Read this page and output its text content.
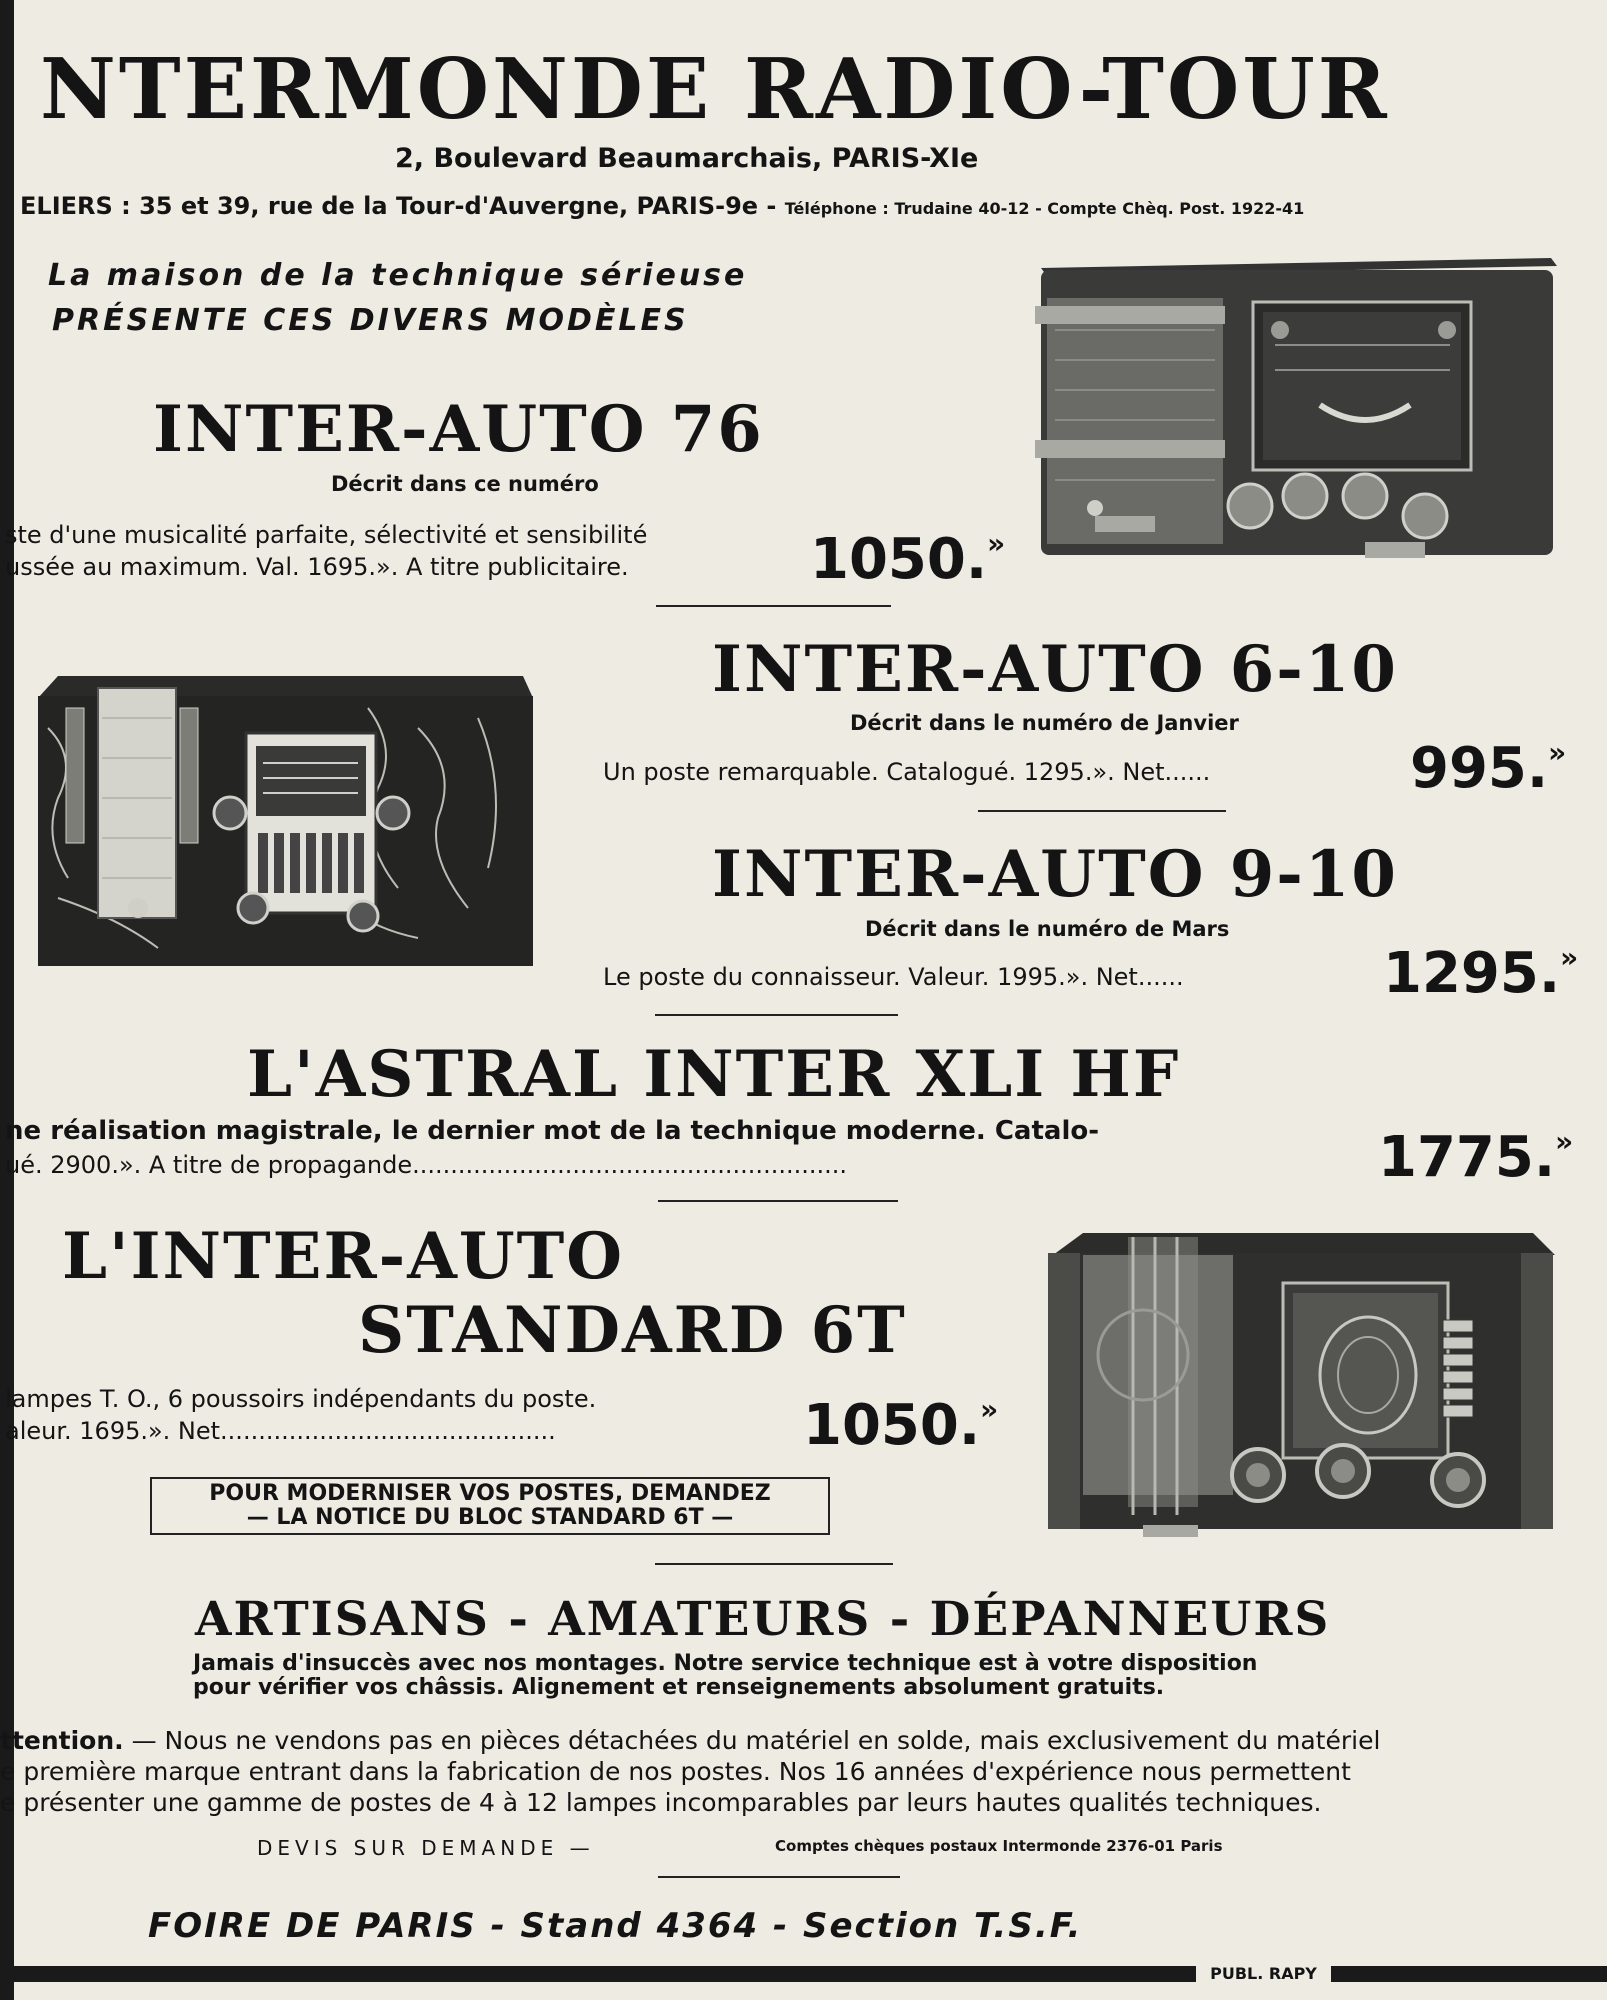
NTERMONDE RADIO-TOUR
2, Boulevard Beaumarchais, PARIS-XIe
ELIERS : 35 et 39, rue de la Tour-d'Auvergne, PARIS-9e - Téléphone : Trudaine 40-12 - Compte Chèq. Post. 1922-41
La maison de la technique sérieuse
PRÉSENTE CES DIVERS MODÈLES
INTER-AUTO 76
Décrit dans ce numéro
ste d'une musicalité parfaite, sélectivité et sensibilité
ussée au maximum. Val. 1695.». A titre publicitaire.	1050.»
INTER-AUTO 6-10
Décrit dans le numéro de Janvier
Un poste remarquable. Catalogué. 1295.». Net......	995.»
INTER-AUTO 9-10
Décrit dans le numéro de Mars
Le poste du connaisseur. Valeur. 1995.». Net......	1295.»
L'ASTRAL INTER XLI HF
ne réalisation magistrale, le dernier mot de la technique moderne. Catalo-
ué. 2900.». A titre de propagande.........................................................	1775.»
L'INTER-AUTO
STANDARD 6T
lampes T. O., 6 poussoirs indépendants du poste.
aleur. 1695.». Net............................................	1050.»
POUR MODERNISER VOS POSTES, DEMANDEZ
— LA NOTICE DU BLOC STANDARD 6T —
ARTISANS - AMATEURS - DÉPANNEURS
Jamais d'insuccès avec nos montages. Notre service technique est à votre disposition
pour vérifier vos châssis. Alignement et renseignements absolument gratuits.
ttention. — Nous ne vendons pas en pièces détachées du matériel en solde, mais exclusivement du matériel
e première marque entrant dans la fabrication de nos postes. Nos 16 années d'expérience nous permettent
e présenter une gamme de postes de 4 à 12 lampes incomparables par leurs hautes qualités techniques.
DEVIS SUR DEMANDE —	Comptes chèques postaux Intermonde 2376-01 Paris
FOIRE DE PARIS - Stand 4364 - Section T.S.F.
PUBL. RAPY
